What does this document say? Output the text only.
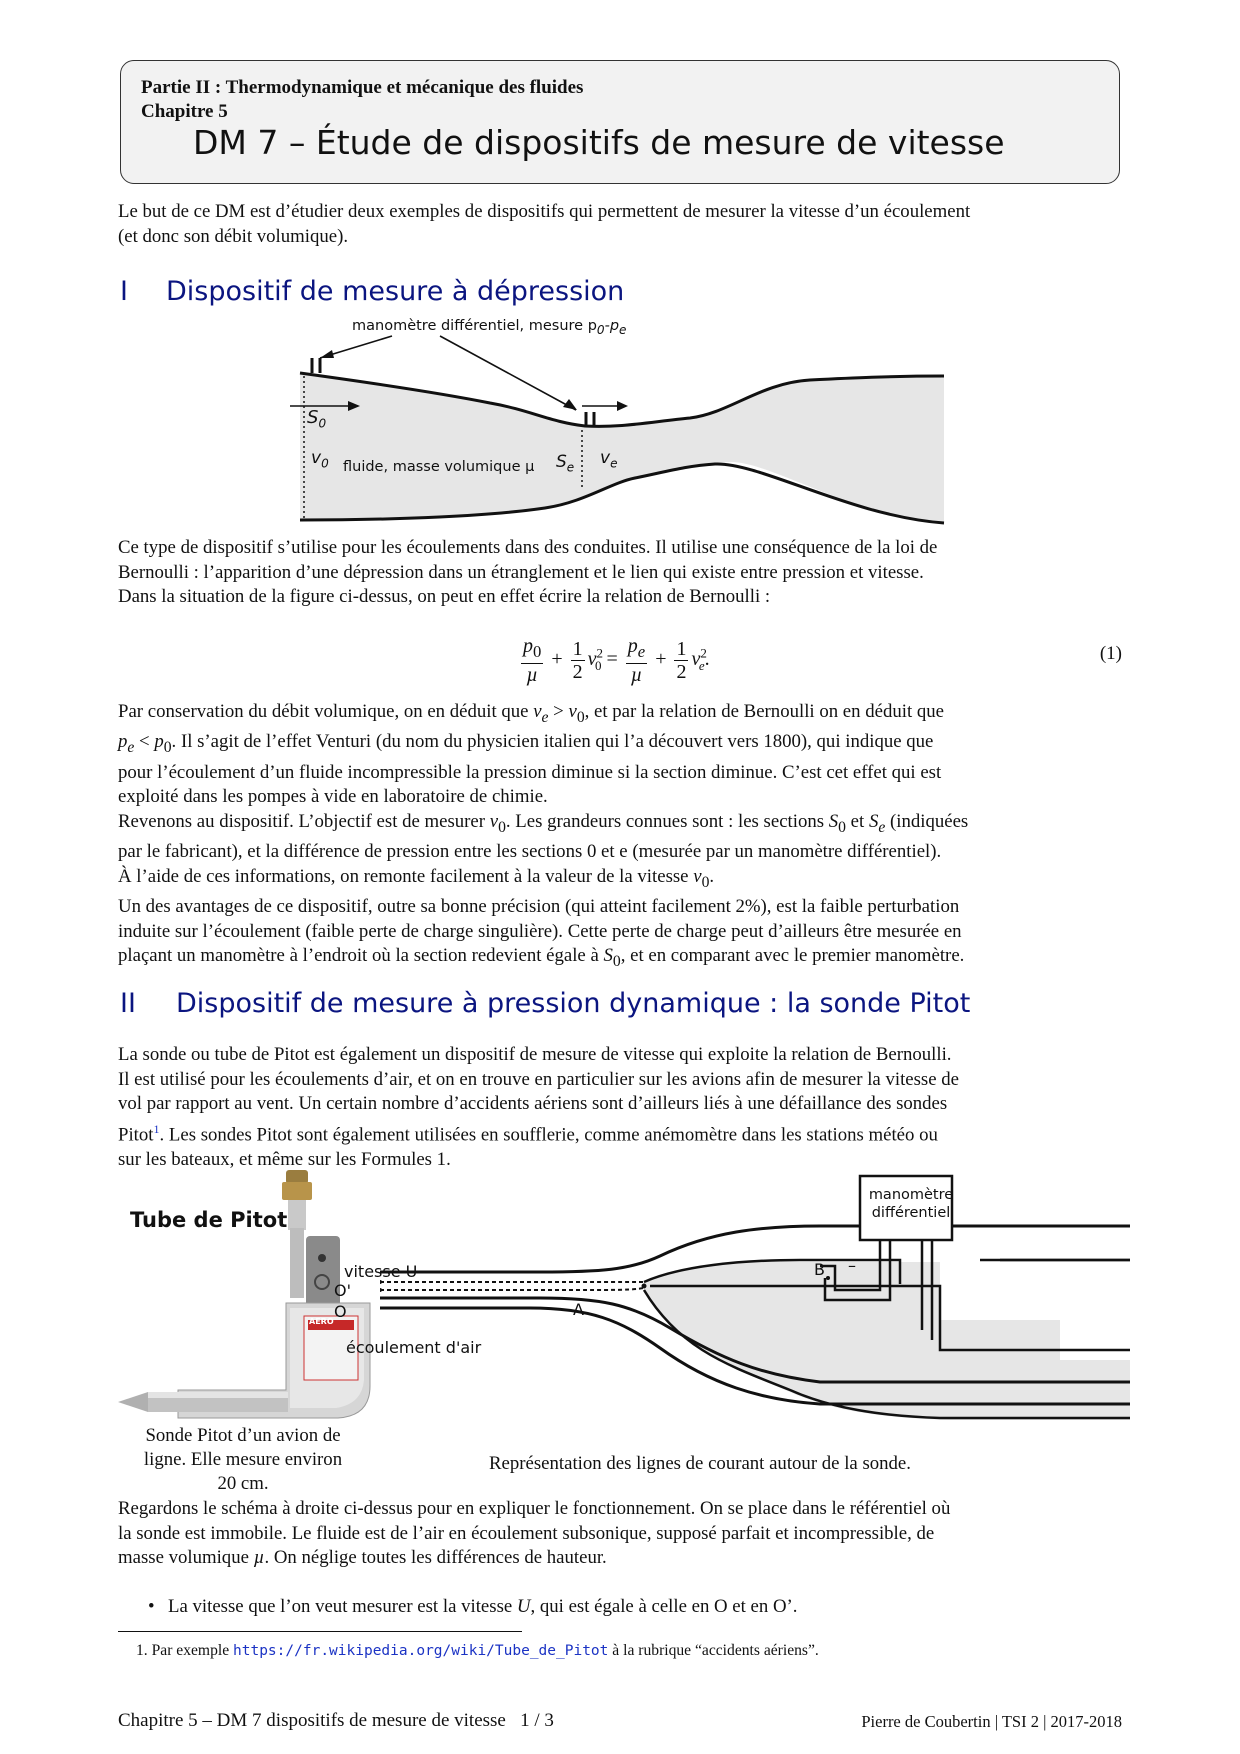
Partie II : Thermodynamique et mécanique des fluides
Chapitre 5
DM 7 – Étude de dispositifs de mesure de vitesse

Le but de ce DM est d’étudier deux exemples de dispositifs qui permettent de mesurer la vitesse d’un écoulement

(et donc son débit volumique).

I Dispositif de mesure à dépression
manomètre différentiel, mesure $p_0-p_e$
$S_0$
$v_0$ fluide, masse volumique µ $S_e$ $v_e$

Ce type de dispositif s’utilise pour les écoulements dans des conduites. Il utilise une conséquence de la loi de

Bernoulli : l’apparition d’une dépression dans un étranglement et le lien qui existe entre pression et vitesse.

Dans la situation de la figure ci-dessus, on peut en effet écrire la relation de Bernoulli :

$\frac{p_0}{\text{µ}} + \frac{1}{2} v^2_0 = \frac{p_e}{\text{µ}} + \frac{1}{2} v^2_e$.	(1)

Par conservation du débit volumique, on en déduit que $v_e > v_0$, et par la relation de Bernoulli on en déduit que

$p_e < p_0$. Il s’agit de l’effet Venturi (du nom du physicien italien qui l’a découvert vers 1800), qui indique que

pour l’écoulement d’un fluide incompressible la pression diminue si la section diminue. C’est cet effet qui est

exploité dans les pompes à vide en laboratoire de chimie.

Revenons au dispositif. L’objectif est de mesurer $v_0$. Les grandeurs connues sont : les sections $S_0$ et $S_e$ (indiquées

par le fabricant), et la différence de pression entre les sections 0 et e (mesurée par un manomètre différentiel).

À l’aide de ces informations, on remonte facilement à la valeur de la vitesse $v_0$.

Un des avantages de ce dispositif, outre sa bonne précision (qui atteint facilement 2%), est la faible perturbation

induite sur l’écoulement (faible perte de charge singulière). Cette perte de charge peut d’ailleurs être mesurée en

plaçant un manomètre à l’endroit où la section redevient égale à $S_0$, et en comparant avec le premier manomètre.

II Dispositif de mesure à pression dynamique : la sonde Pitot

La sonde ou tube de Pitot est également un dispositif de mesure de vitesse qui exploite la relation de Bernoulli.

Il est utilisé pour les écoulements d’air, et on en trouve en particulier sur les avions afin de mesurer la vitesse de

vol par rapport au vent. Un certain nombre d’accidents aériens sont d’ailleurs liés à une défaillance des sondes

Pitot$^1$. Les sondes Pitot sont également utilisées en soufflerie, comme anémomètre dans les stations météo ou

sur les bateaux, et même sur les Formules 1.

Tube de Pitot
AERO
Sonde Pitot d’un avion de
ligne. Elle mesure environ
20 cm.
manomètre
différentiel
B –
vitesse U
O'
O	A
écoulement d'air
Représentation des lignes de courant autour de la sonde.

Regardons le schéma à droite ci-dessus pour en expliquer le fonctionnement. On se place dans le référentiel où

la sonde est immobile. Le fluide est de l’air en écoulement subsonique, supposé parfait et incompressible, de

masse volumique µ. On néglige toutes les différences de hauteur.

• La vitesse que l’on veut mesurer est la vitesse U, qui est égale à celle en O et en O’.
1. Par exemple https://fr.wikipedia.org/wiki/Tube_de_Pitot à la rubrique “accidents aériens”.
Chapitre 5 – DM 7 dispositifs de mesure de vitesse 1 / 3	Pierre de Coubertin | TSI 2 | 2017-2018
